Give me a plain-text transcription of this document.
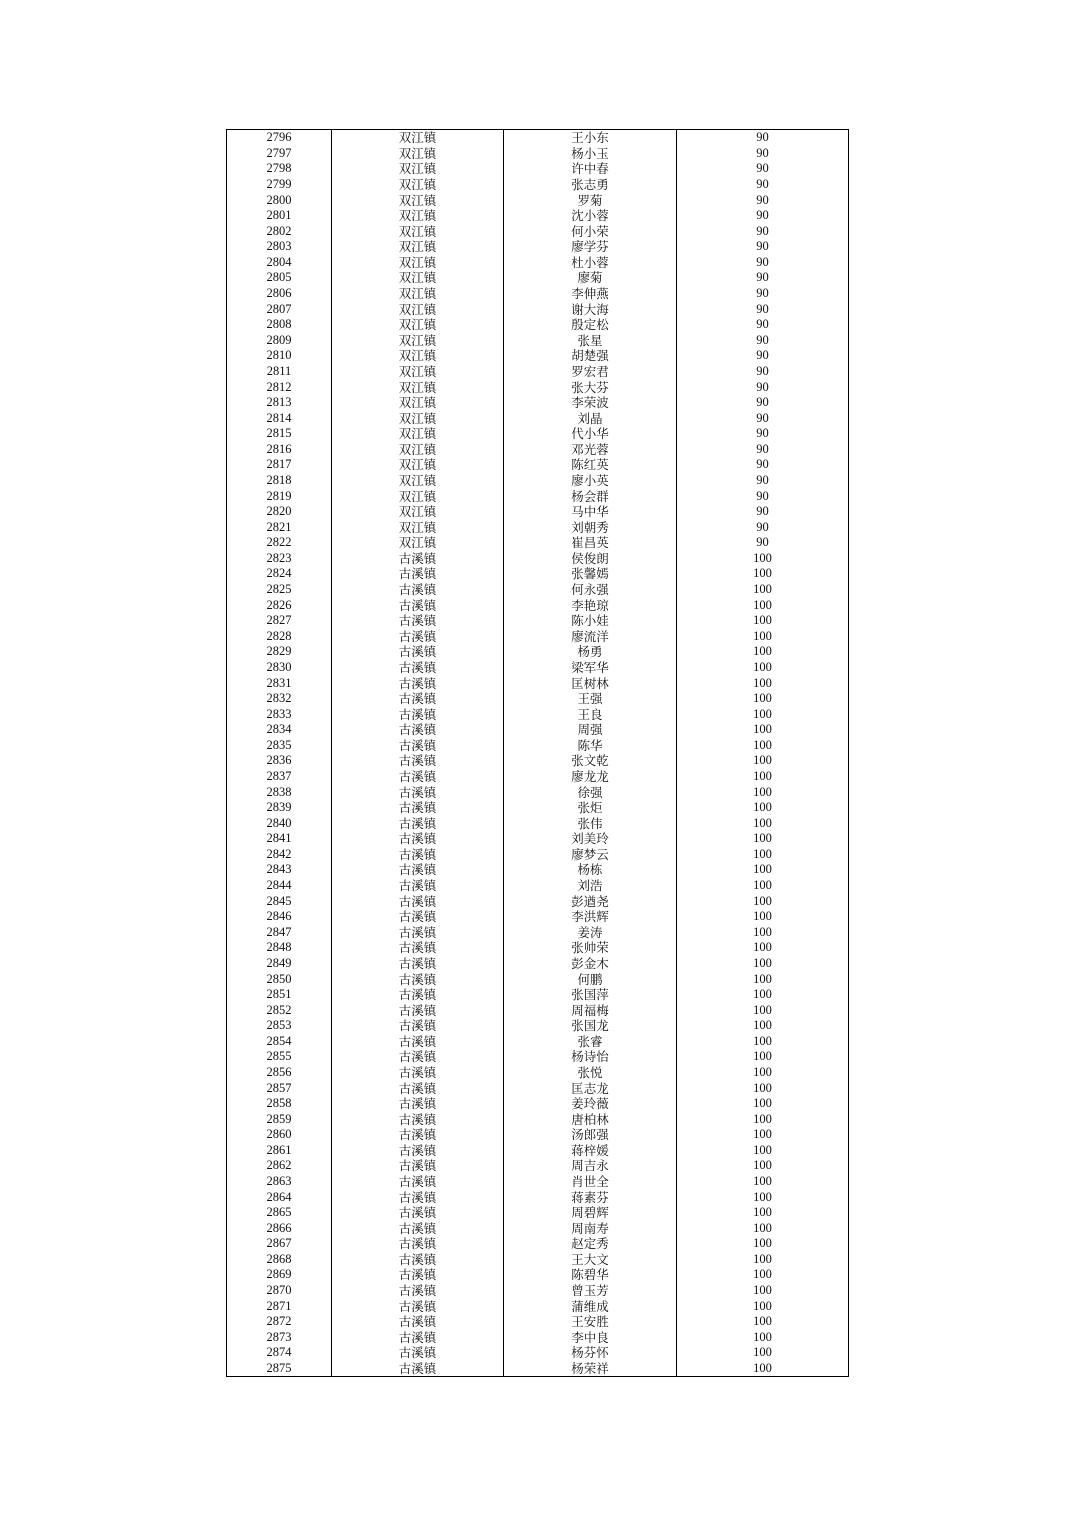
2796	双江镇	王小东	90
2797	双江镇	杨小玉	90
2798	双江镇	许中春	90
2799	双江镇	张志勇	90
2800	双江镇	罗菊	90
2801	双江镇	沈小蓉	90
2802	双江镇	何小荣	90
2803	双江镇	廖学芬	90
2804	双江镇	杜小蓉	90
2805	双江镇	廖菊	90
2806	双江镇	李伸燕	90
2807	双江镇	谢大海	90
2808	双江镇	殷定松	90
2809	双江镇	张星	90
2810	双江镇	胡楚强	90
2811	双江镇	罗宏君	90
2812	双江镇	张大芬	90
2813	双江镇	李荣波	90
2814	双江镇	刘晶	90
2815	双江镇	代小华	90
2816	双江镇	邓光蓉	90
2817	双江镇	陈红英	90
2818	双江镇	廖小英	90
2819	双江镇	杨会群	90
2820	双江镇	马中华	90
2821	双江镇	刘朝秀	90
2822	双江镇	崔昌英	90
2823	古溪镇	侯俊朗	100
2824	古溪镇	张馨嫣	100
2825	古溪镇	何永强	100
2826	古溪镇	李艳琼	100
2827	古溪镇	陈小娃	100
2828	古溪镇	廖流洋	100
2829	古溪镇	杨勇	100
2830	古溪镇	梁军华	100
2831	古溪镇	匡树林	100
2832	古溪镇	王强	100
2833	古溪镇	王良	100
2834	古溪镇	周强	100
2835	古溪镇	陈华	100
2836	古溪镇	张文乾	100
2837	古溪镇	廖龙龙	100
2838	古溪镇	徐强	100
2839	古溪镇	张炬	100
2840	古溪镇	张伟	100
2841	古溪镇	刘美玲	100
2842	古溪镇	廖梦云	100
2843	古溪镇	杨栋	100
2844	古溪镇	刘浩	100
2845	古溪镇	彭遒尧	100
2846	古溪镇	李洪辉	100
2847	古溪镇	姜涛	100
2848	古溪镇	张帅荣	100
2849	古溪镇	彭金木	100
2850	古溪镇	何鹏	100
2851	古溪镇	张国萍	100
2852	古溪镇	周福梅	100
2853	古溪镇	张国龙	100
2854	古溪镇	张睿	100
2855	古溪镇	杨诗怡	100
2856	古溪镇	张悦	100
2857	古溪镇	匡志龙	100
2858	古溪镇	姜玲薇	100
2859	古溪镇	唐柏林	100
2860	古溪镇	汤郎强	100
2861	古溪镇	蒋梓媛	100
2862	古溪镇	周吉永	100
2863	古溪镇	肖世全	100
2864	古溪镇	蒋素芬	100
2865	古溪镇	周碧辉	100
2866	古溪镇	周南寿	100
2867	古溪镇	赵定秀	100
2868	古溪镇	王大文	100
2869	古溪镇	陈碧华	100
2870	古溪镇	曾玉芳	100
2871	古溪镇	蒲维成	100
2872	古溪镇	王安胜	100
2873	古溪镇	李中良	100
2874	古溪镇	杨芬怀	100
2875	古溪镇	杨荣祥	100
